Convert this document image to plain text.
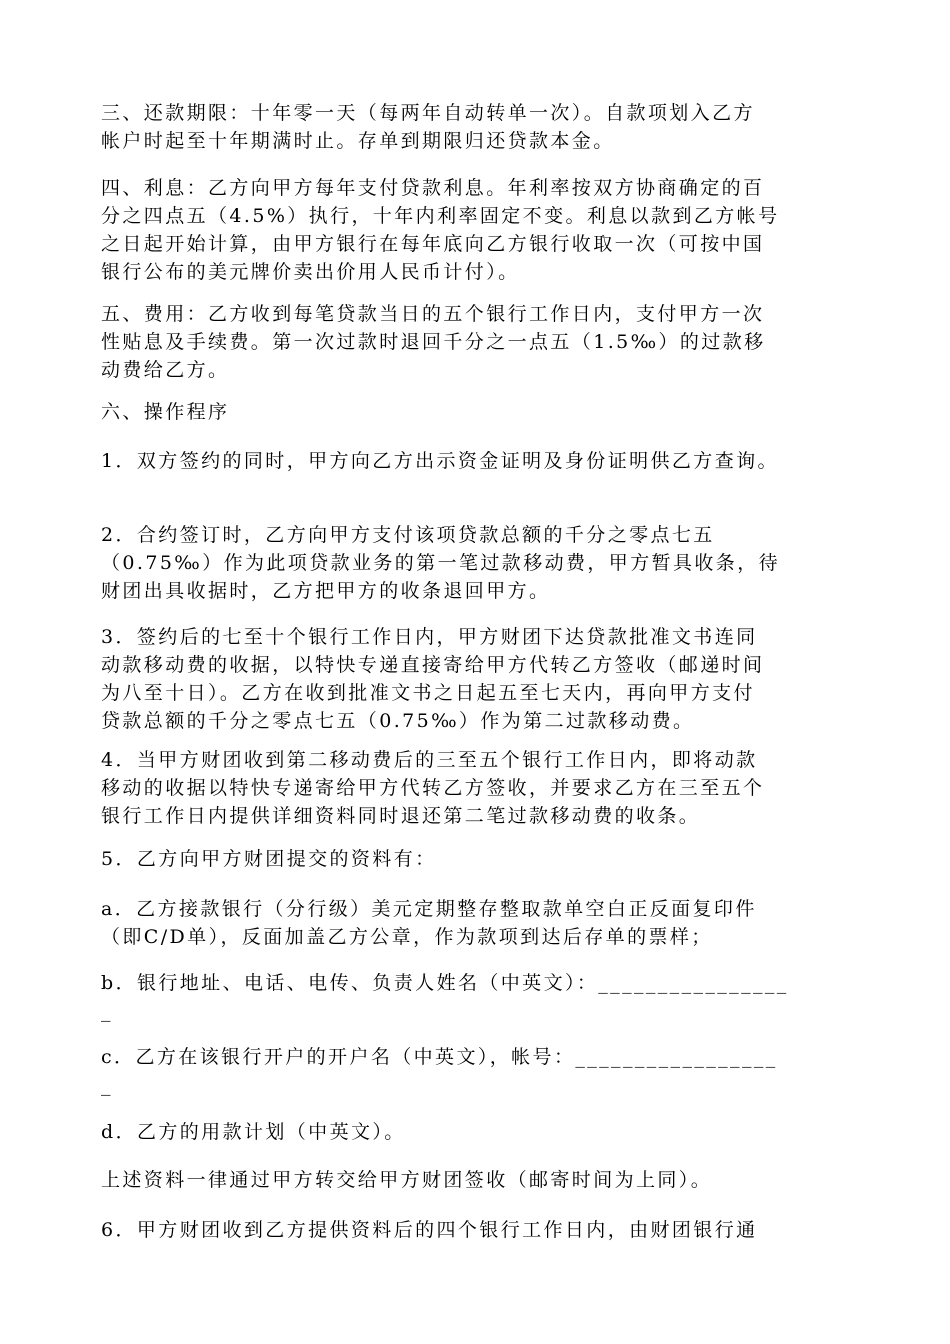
三、还款期限：十年零一天（每两年自动转单一次）。自款项划入乙方
帐户时起至十年期满时止。存单到期限归还贷款本金。
四、利息：乙方向甲方每年支付贷款利息。年利率按双方协商确定的百
分之四点五（4.5%）执行，十年内利率固定不变。利息以款到乙方帐号
之日起开始计算，由甲方银行在每年底向乙方银行收取一次（可按中国
银行公布的美元牌价卖出价用人民币计付）。
五、费用：乙方收到每笔贷款当日的五个银行工作日内，支付甲方一次
性贴息及手续费。第一次过款时退回千分之一点五（1.5‰）的过款移
动费给乙方。
六、操作程序
1．双方签约的同时，甲方向乙方出示资金证明及身份证明供乙方查询。
2．合约签订时，乙方向甲方支付该项贷款总额的千分之零点七五
（0.75‰）作为此项贷款业务的第一笔过款移动费，甲方暂具收条，待
财团出具收据时，乙方把甲方的收条退回甲方。
3．签约后的七至十个银行工作日内，甲方财团下达贷款批准文书连同
动款移动费的收据，以特快专递直接寄给甲方代转乙方签收（邮递时间
为八至十日）。乙方在收到批准文书之日起五至七天内，再向甲方支付
贷款总额的千分之零点七五（0.75‰）作为第二过款移动费。
4．当甲方财团收到第二移动费后的三至五个银行工作日内，即将动款
移动的收据以特快专递寄给甲方代转乙方签收，并要求乙方在三至五个
银行工作日内提供详细资料同时退还第二笔过款移动费的收条。
5．乙方向甲方财团提交的资料有：
a．乙方接款银行（分行级）美元定期整存整取款单空白正反面复印件
（即C/D单），反面加盖乙方公章，作为款项到达后存单的票样；
b．银行地址、电话、电传、负责人姓名（中英文）：________________
_
c．乙方在该银行开户的开户名（中英文），帐号：_________________
_
d．乙方的用款计划（中英文）。
上述资料一律通过甲方转交给甲方财团签收（邮寄时间为上同）。
6．甲方财团收到乙方提供资料后的四个银行工作日内，由财团银行通
